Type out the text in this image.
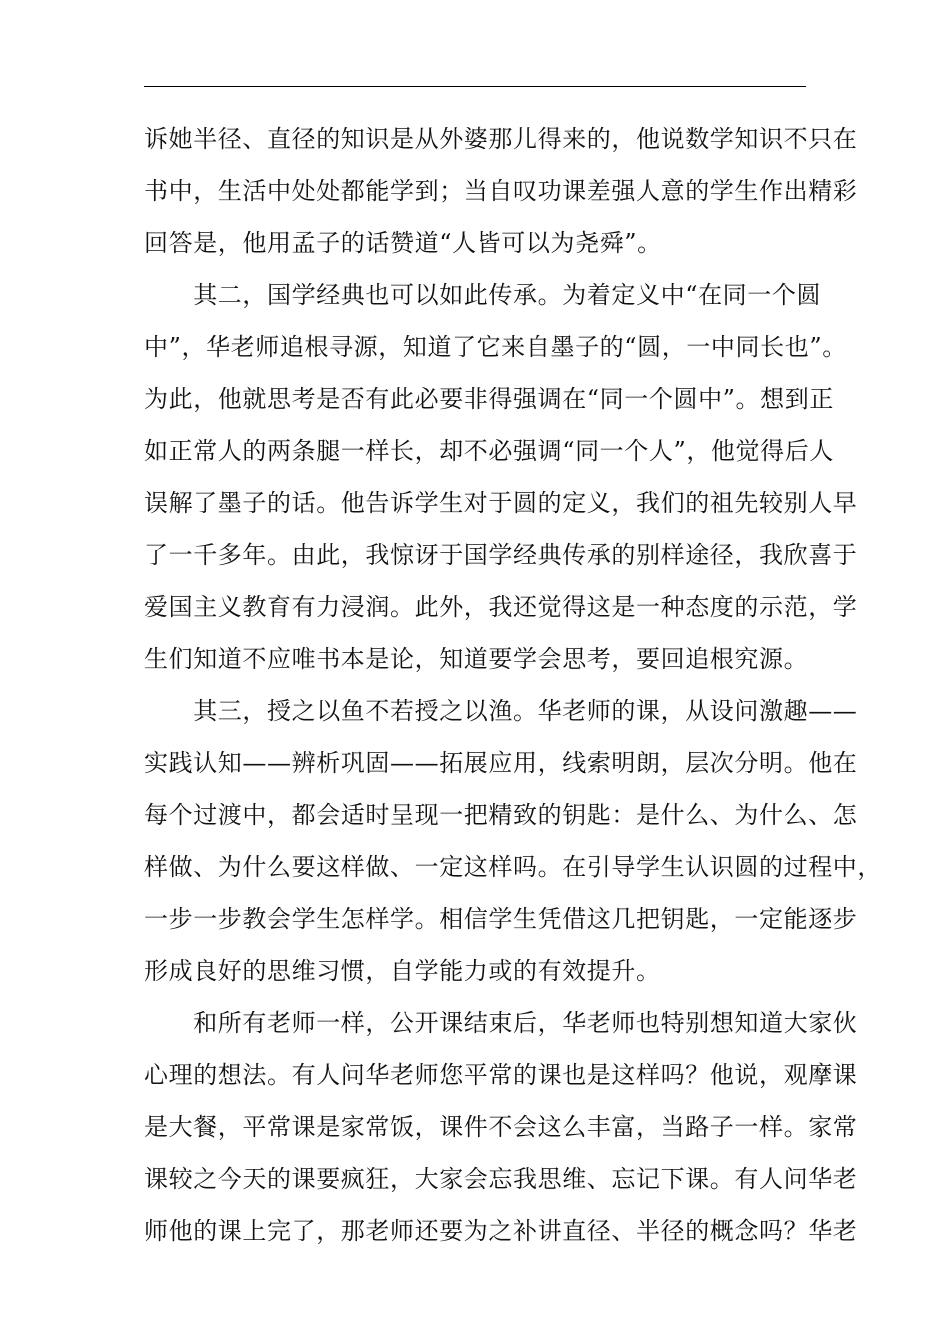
诉她半径、直径的知识是从外婆那儿得来的，他说数学知识不只在
书中，生活中处处都能学到；当自叹功课差强人意的学生作出精彩
回答是，他用孟子的话赞道“人皆可以为尧舜”。
　　其二，国学经典也可以如此传承。为着定义中“在同一个圆
中”，华老师追根寻源，知道了它来自墨子的“圆，一中同长也”。
为此，他就思考是否有此必要非得强调在“同一个圆中”。想到正
如正常人的两条腿一样长，却不必强调“同一个人”，他觉得后人
误解了墨子的话。他告诉学生对于圆的定义，我们的祖先较别人早
了一千多年。由此，我惊讶于国学经典传承的别样途径，我欣喜于
爱国主义教育有力浸润。此外，我还觉得这是一种态度的示范，学
生们知道不应唯书本是论，知道要学会思考，要回追根究源。
　　其三，授之以鱼不若授之以渔。华老师的课，从设问激趣——
实践认知——辨析巩固——拓展应用，线索明朗，层次分明。他在
每个过渡中，都会适时呈现一把精致的钥匙：是什么、为什么、怎
样做、为什么要这样做、一定这样吗。在引导学生认识圆的过程中，
一步一步教会学生怎样学。相信学生凭借这几把钥匙，一定能逐步
形成良好的思维习惯，自学能力或的有效提升。
　　和所有老师一样，公开课结束后，华老师也特别想知道大家伙
心理的想法。有人问华老师您平常的课也是这样吗？他说，观摩课
是大餐，平常课是家常饭，课件不会这么丰富，当路子一样。家常
课较之今天的课要疯狂，大家会忘我思维、忘记下课。有人问华老
师他的课上完了，那老师还要为之补讲直径、半径的概念吗？华老
